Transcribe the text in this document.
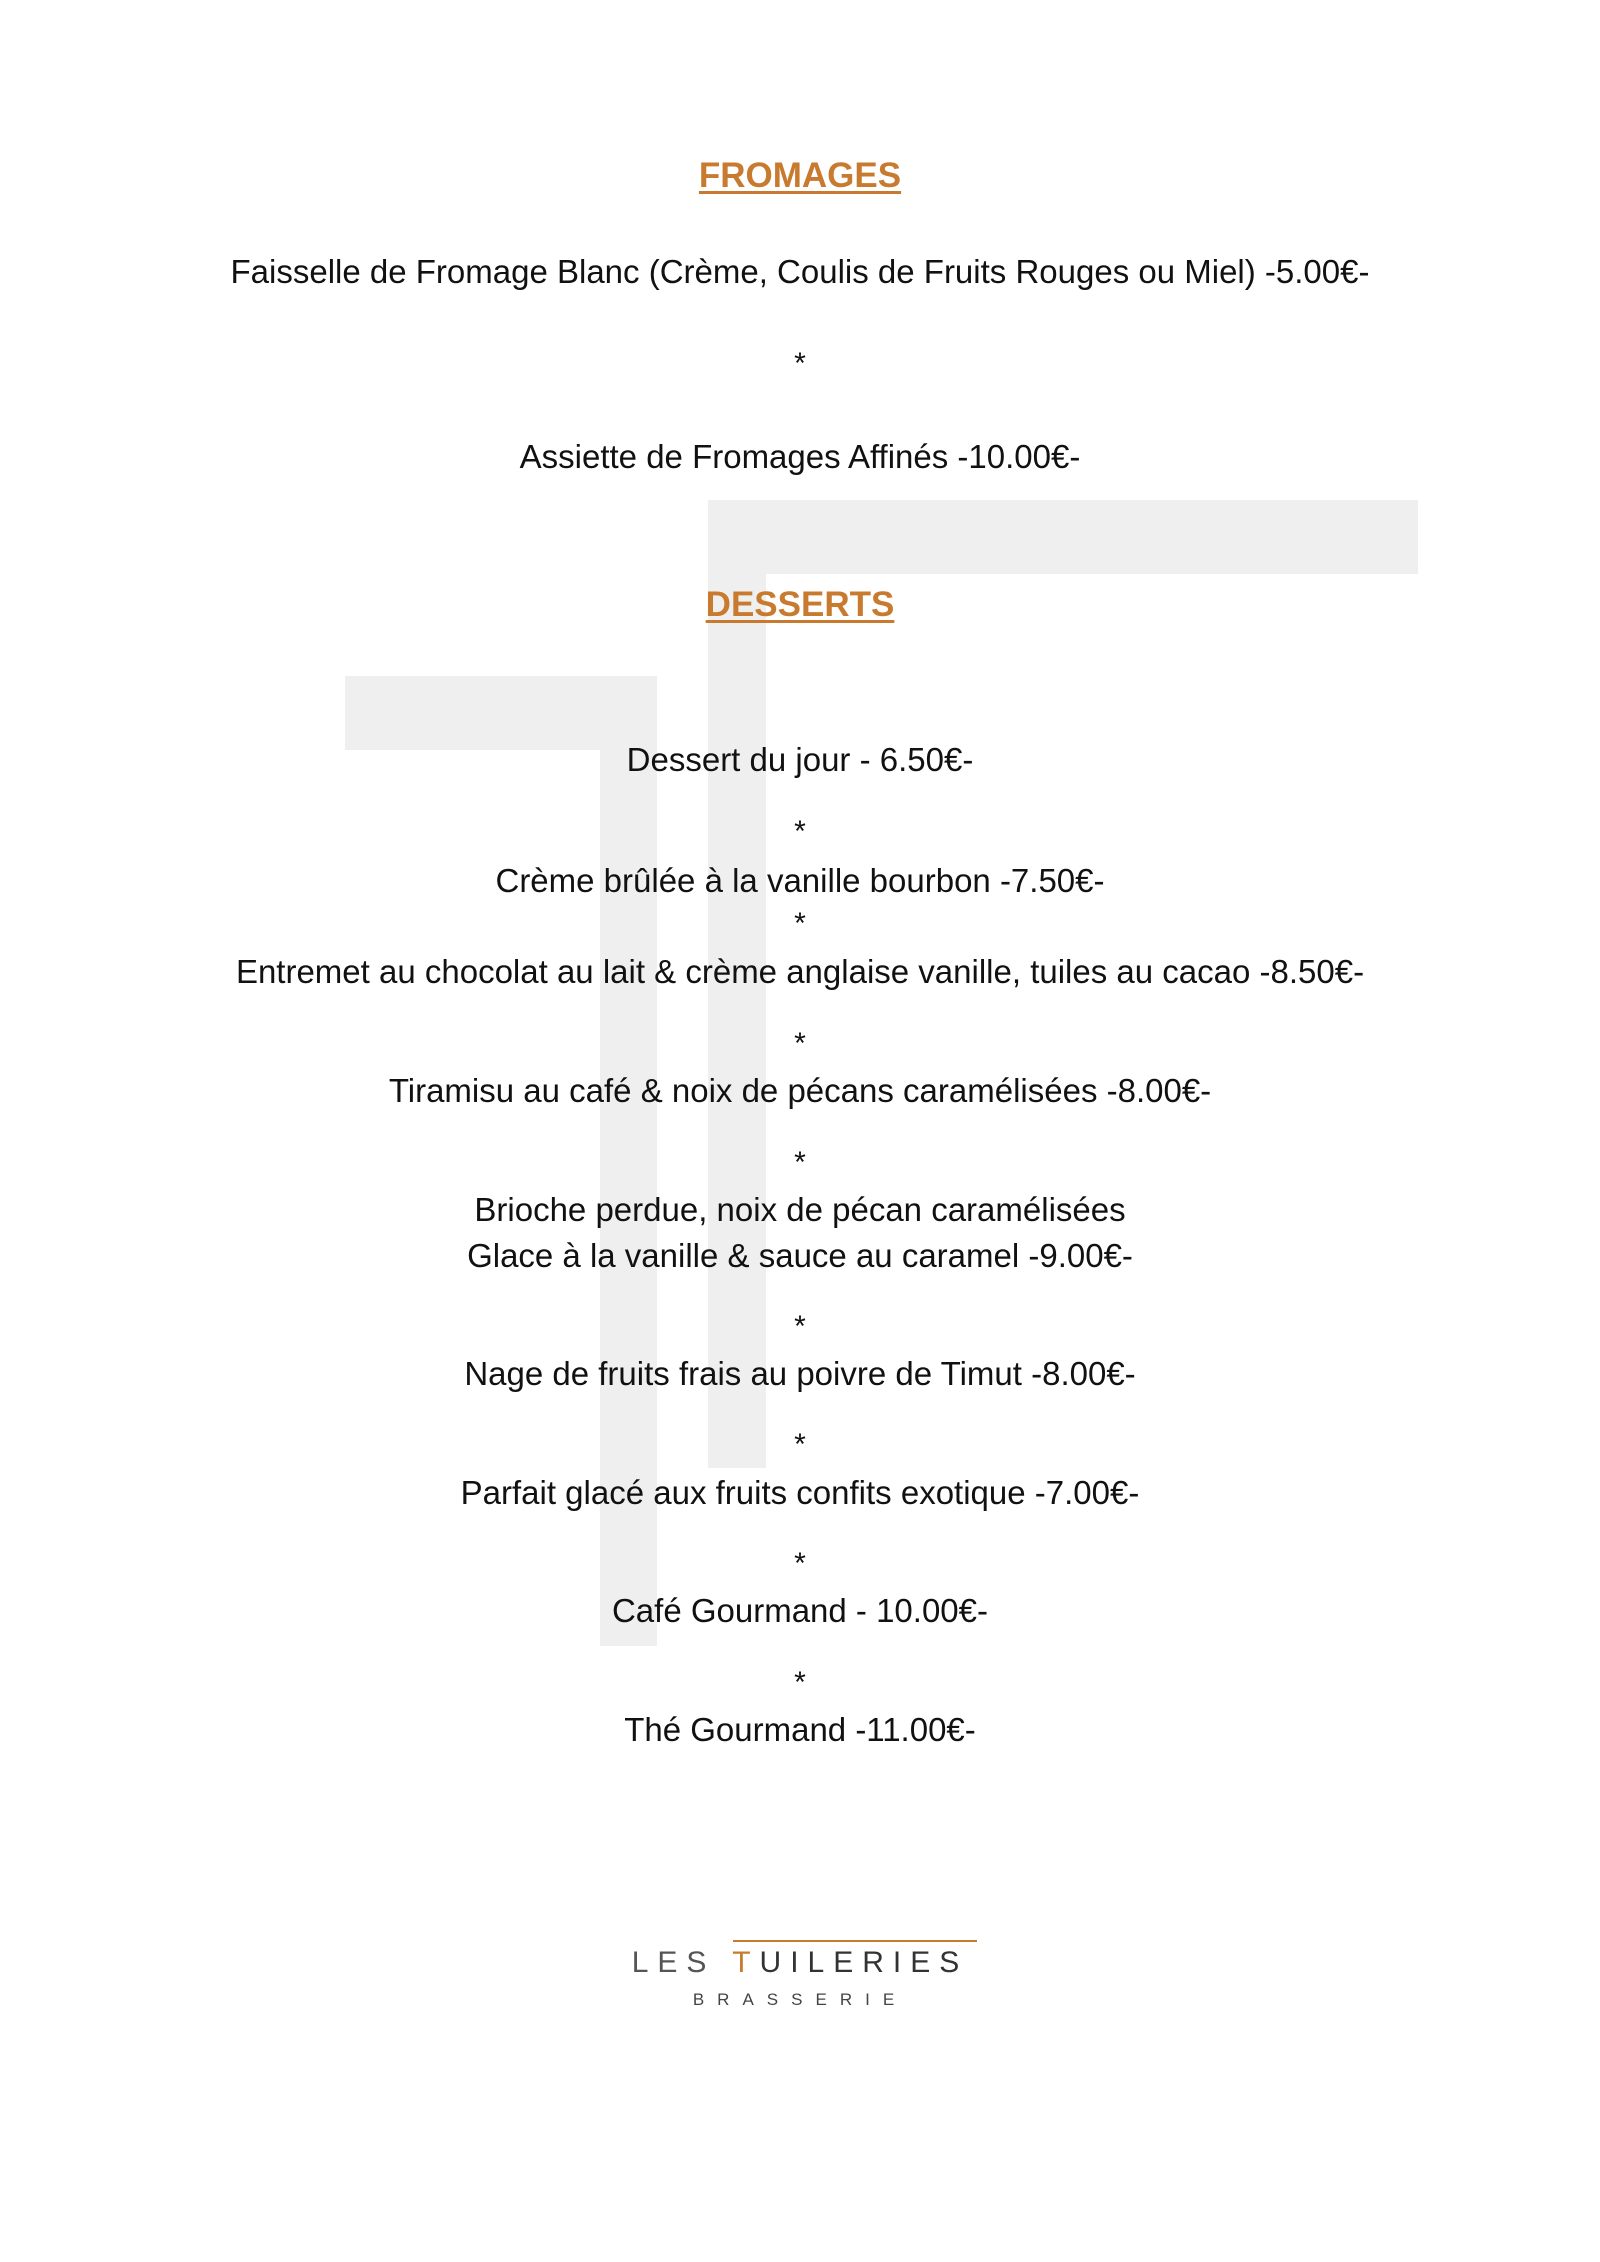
FROMAGES
Faisselle de Fromage Blanc (Crème, Coulis de Fruits Rouges ou Miel) -5.00€-
*
Assiette de Fromages Affinés -10.00€-
DESSERTS
Dessert du jour - 6.50€-
*
Crème brûlée à la vanille bourbon -7.50€-
*
Entremet au chocolat au lait & crème anglaise vanille, tuiles au cacao -8.50€-
*
Tiramisu au café & noix de pécans caramélisées -8.00€-
*
Brioche perdue, noix de pécan caramélisées
Glace à la vanille & sauce au caramel -9.00€-
*
Nage de fruits frais au poivre de Timut -8.00€-
*
Parfait glacé aux fruits confits exotique -7.00€-
*
Café Gourmand - 10.00€-
*
Thé Gourmand -11.00€-
LES TUILERIES
BRASSERIE
